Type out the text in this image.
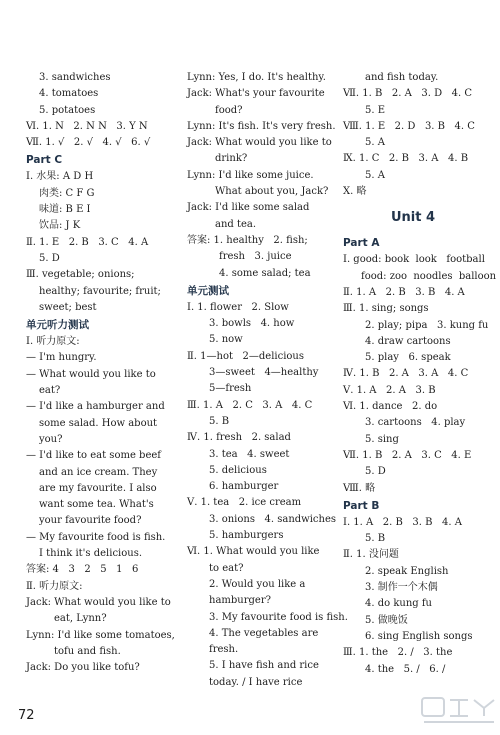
3. sandwiches
4. tomatoes
5. potatoes
Ⅵ. 1. N   2. N N   3. Y N
Ⅶ. 1. √   2. √   4. √   6. √
Part C
Ⅰ. 水果: A D H
肉类: C F G
味道: B E I
饮品: J K
Ⅱ. 1. E   2. B   3. C   4. A
5. D
Ⅲ. vegetable; onions;
healthy; favourite; fruit;
sweet; best
单元听力测试
Ⅰ. 听力原文:
— I'm hungry.
— What would you like to
eat?
— I'd like a hamburger and
some salad. How about
you?
— I'd like to eat some beef
and an ice cream. They
are my favourite. I also
want some tea. What's
your favourite food?
— My favourite food is fish.
I think it's delicious.
答案: 4   3   2   5   1   6
Ⅱ. 听力原文:
Jack: What would you like to
eat, Lynn?
Lynn: I'd like some tomatoes,
tofu and fish.
Jack: Do you like tofu?
Lynn: Yes, I do. It's healthy.
Jack: What's your favourite
food?
Lynn: It's fish. It's very fresh.
Jack: What would you like to
drink?
Lynn: I'd like some juice.
What about you, Jack?
Jack: I'd like some salad
and tea.
答案: 1. healthy   2. fish;
fresh   3. juice
4. some salad; tea
单元测试
Ⅰ. 1. flower   2. Slow
3. bowls   4. how
5. now
Ⅱ. 1—hot   2—delicious
3—sweet   4—healthy
5—fresh
Ⅲ. 1. A   2. C   3. A   4. C
5. B
Ⅳ. 1. fresh   2. salad
3. tea   4. sweet
5. delicious
6. hamburger
Ⅴ. 1. tea   2. ice cream
3. onions   4. sandwiches
5. hamburgers
Ⅵ. 1. What would you like
to eat?
2. Would you like a
hamburger?
3. My favourite food is fish.
4. The vegetables are
fresh.
5. I have fish and rice
today. / I have rice
and fish today.
Ⅶ. 1. B   2. A   3. D   4. C
5. E
Ⅷ. 1. E   2. D   3. B   4. C
5. A
Ⅸ. 1. C   2. B   3. A   4. B
5. A
Ⅹ. 略
Unit 4
Part A
Ⅰ. good: book  look   football
food: zoo  noodles  balloon
Ⅱ. 1. A   2. B   3. B   4. A
Ⅲ. 1. sing; songs
2. play; pipa   3. kung fu
4. draw cartoons
5. play   6. speak
Ⅳ. 1. B   2. A   3. A   4. C
Ⅴ. 1. A   2. A   3. B
Ⅵ. 1. dance   2. do
3. cartoons   4. play
5. sing
Ⅶ. 1. B   2. A   3. C   4. E
5. D
Ⅷ. 略
Part B
Ⅰ. 1. A   2. B   3. B   4. A
5. B
Ⅱ. 1. 没问题
2. speak English
3. 制作一个木偶
4. do kung fu
5. 做晚饭
6. sing English songs
Ⅲ. 1. the   2. /   3. the
4. the   5. /   6. /
72
